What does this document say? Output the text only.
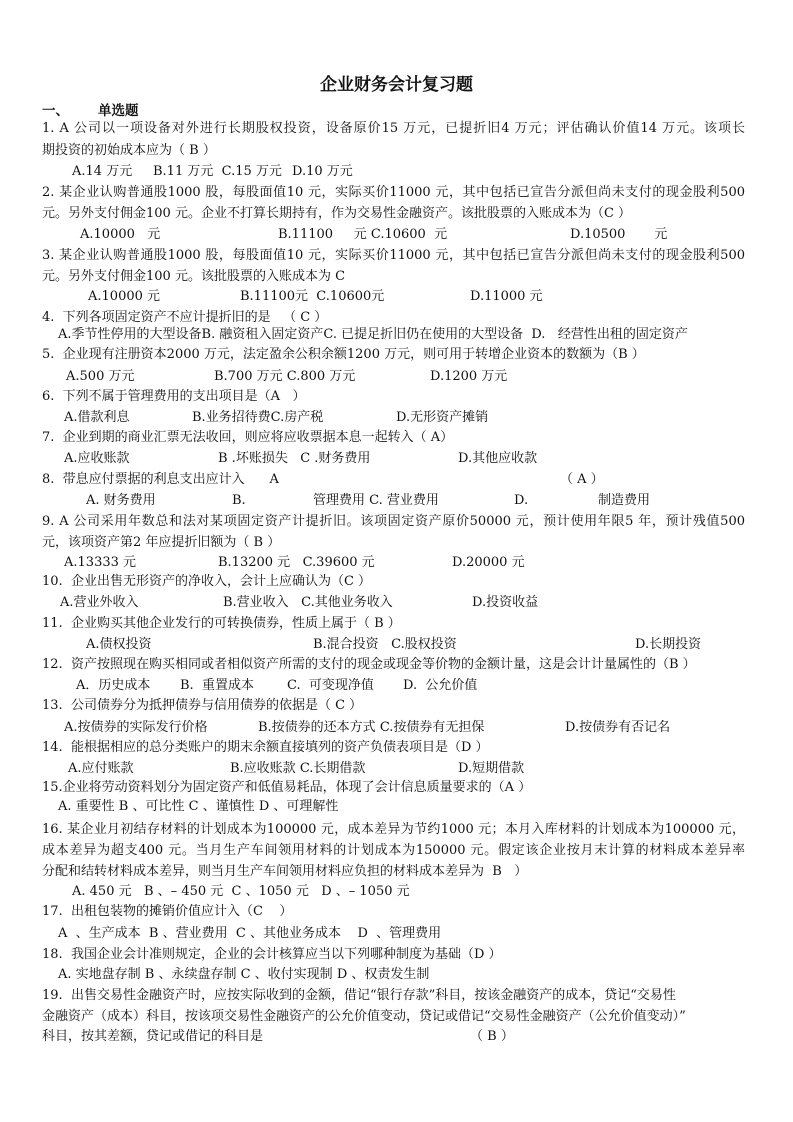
企业财务会计复习题
一、 单选题
1. A 公司以一项设备对外进行长期股权投资，设备原价15 万元，已提折旧4 万元；评估确认价值14 万元。该项长
期投资的初始成本应为（ B ）
A.14 万元 B.11 万元  C.15 万元 D.10 万元
2. 某企业认购普通股1000 股，每股面值10 元，实际买价11000 元，其中包括已宣告分派但尚未支付的现金股利500
元。另外支付佣金100 元。企业不打算长期持有，作为交易性金融资产。该批股票的入账成本为（C ）
A.10000   元	B.11100     元 C.10600  元	D.10500       元
3. 某企业认购普通股1000 股，每股面值10 元，实际买价11000 元，其中包括已宣告分派但尚未支付的现金股利500
元。另外支付佣金100 元。该批股票的入账成本为 C
A.10000 元	B.11100元  C.10600元	D.11000 元
4.  下列各项固定资产不应计提折旧的是   （ C ）
A.季节性停用的大型设备B. 融资租入固定资产C. 已提足折旧仍在使用的大型设备  D.   经营性出租的固定资产
5.  企业现有注册资本2000 万元，法定盈余公积余额1200 万元，则可用于转增企业资本的数额为（B ）
A.500 万元	B.700 万元 C.800 万元	D.1200 万元
6.  下列不属于管理费用的支出项目是（A   ）
A.借款利息	B.业务招待费C.房产税	D.无形资产摊销
7.  企业到期的商业汇票无法收回，则应将应收票据本息一起转入（ A）
A.应收账款	B .坏账损失   C .财务费用	D.其他应收款
8.  带息应付票据的利息支出应计入      A	（ A ）
A. 财务费用	B.	管理费用 C. 营业费用	D.	制造费用
9. A 公司采用年数总和法对某项固定资产计提折旧。该项固定资产原价50000 元，预计使用年限5 年，预计残值500
元，该项资产第2 年应提折旧额为（ B ）
A.13333 元	B.13200 元   C.39600 元	D.20000 元
10.  企业出售无形资产的净收入，会计上应确认为（C ）
A.营业外收入	B.营业收入   C.其他业务收入	D.投资收益
11.  企业购买其他企业发行的可转换债券，性质上属于（ B ）
A.债权投资	B.混合投资   C.股权投资	D.长期投资
12.  资产按照现在购买相同或者相似资产所需的支付的现金或现金等价物的金额计量，这是会计计量属性的（B ）
A．历史成本 B.  重置成本	C.  可变现净值 D.  公允价值
13.  公司债券分为抵押债券与信用债券的依据是（ C ）
A.按债券的实际发行价格	B.按债券的还本方式 C.按债券有无担保	D.按债券有否记名
14.  能根据相应的总分类账户的期末余额直接填列的资产负债表项目是（D ）
A.应付账款	B.应收账款 C.长期借款	D.短期借款
15.企业将劳动资料划分为固定资产和低值易耗品，体现了会计信息质量要求的（A ）
A. 重要性 B 、可比性 C 、谨慎性 D 、可理解性
16. 某企业月初结存材料的计划成本为100000 元，成本差异为节约1000 元；本月入库材料的计划成本为100000 元，
成本差异为超支400 元。当月生产车间领用材料的计划成本为150000 元。假定该企业按月末计算的材料成本差异率
分配和结转材料成本差异，则当月生产车间领用材料应负担的材料成本差异为  B   ）
A. 450 元   B 、– 450 元  C 、1050 元   D 、– 1050 元
17.  出租包装物的摊销价值应计入（C    ）
A  、生产成本  B 、营业费用  C 、其他业务成本    D  、管理费用
18.  我国企业会计准则规定，企业的会计核算应当以下列哪种制度为基础（D ）
A. 实地盘存制 B 、永续盘存制 C 、收付实现制 D 、权责发生制
19.  出售交易性金融资产时，应按实际收到的金额，借记“银行存款”科目，按该金融资产的成本，贷记“交易性
金融资产（成本）科目，按该项交易性金融资产的公允价值变动，贷记或借记“交易性金融资产（公允价值变动）”
科目，按其差额，贷记或借记的科目是	（ B ）
